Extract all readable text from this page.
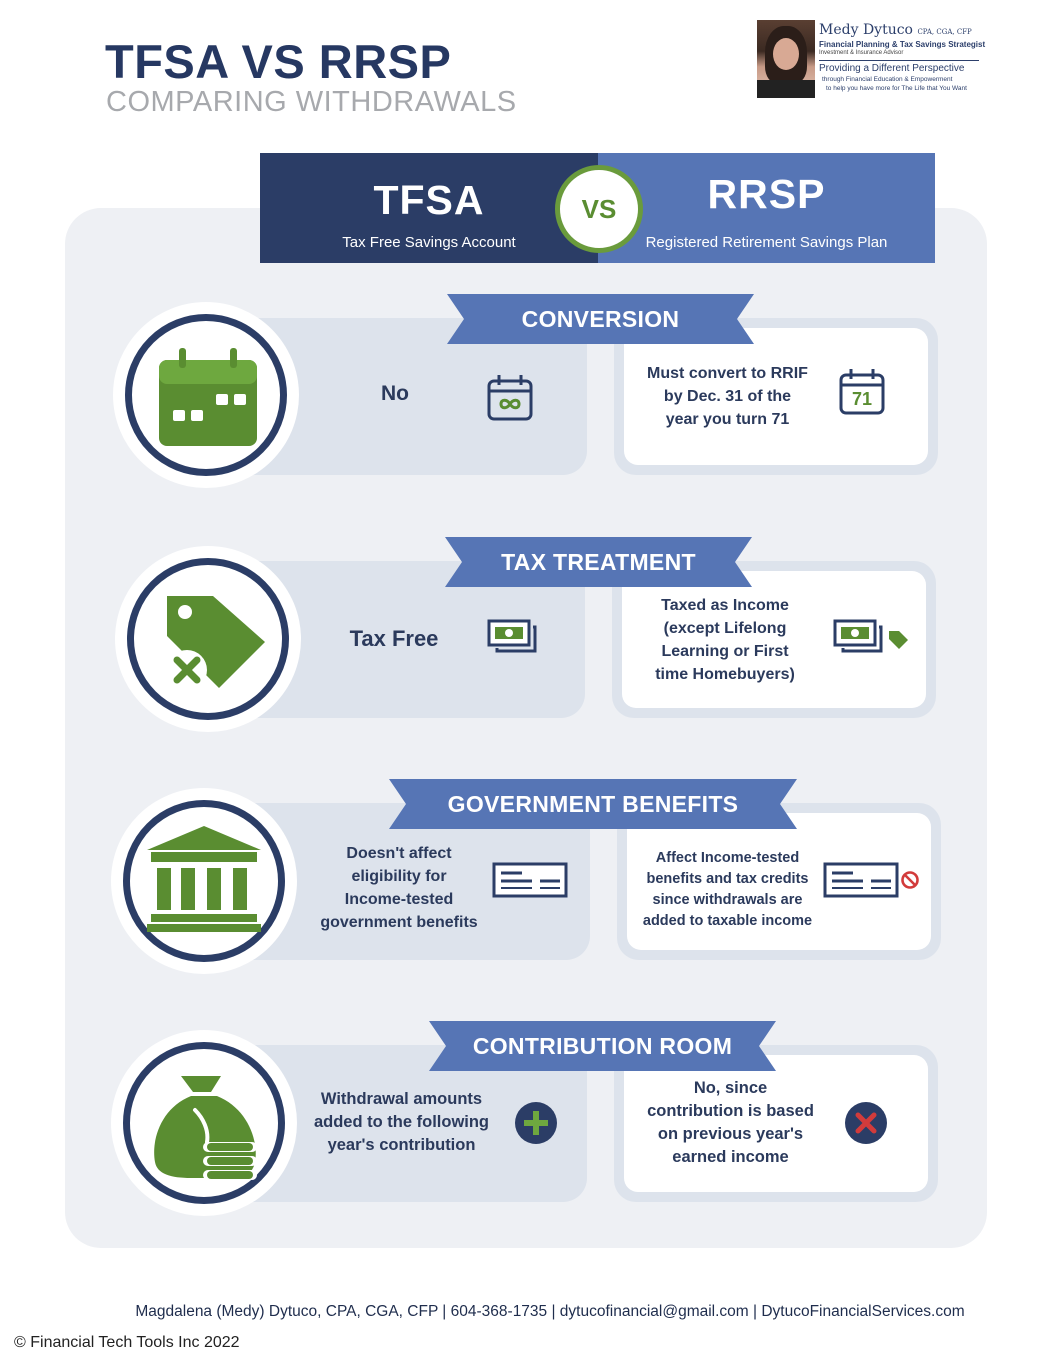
TFSA VS RRSP
COMPARING WITHDRAWALS
Medy Dytuco CPA, CGA, CFP
Financial Planning & Tax Savings Strategist
Investment & Insurance Advisor
Providing a Different Perspective
through Financial Education & Empowerment
to help you have more for The Life that You Want
TFSA
Tax Free Savings Account
RRSP
Registered Retirement Savings Plan
VS
CONVERSION
No
Must convert to RRIF
by Dec. 31 of the
year you turn 71
71
TAX TREATMENT
Tax Free
Taxed as Income
(except Lifelong
Learning or First
time Homebuyers)
GOVERNMENT BENEFITS
Doesn't affect
eligibility for
Income-tested
government benefits
Affect Income-tested
benefits and tax credits
since withdrawals are
added to taxable income
CONTRIBUTION ROOM
Withdrawal amounts
added to the following
year's contribution
No, since
contribution is based
on previous year's
earned income
Magdalena (Medy) Dytuco, CPA, CGA, CFP | 604-368-1735 | dytucofinancial@gmail.com | DytucoFinancialServices.com
© Financial Tech Tools Inc 2022
